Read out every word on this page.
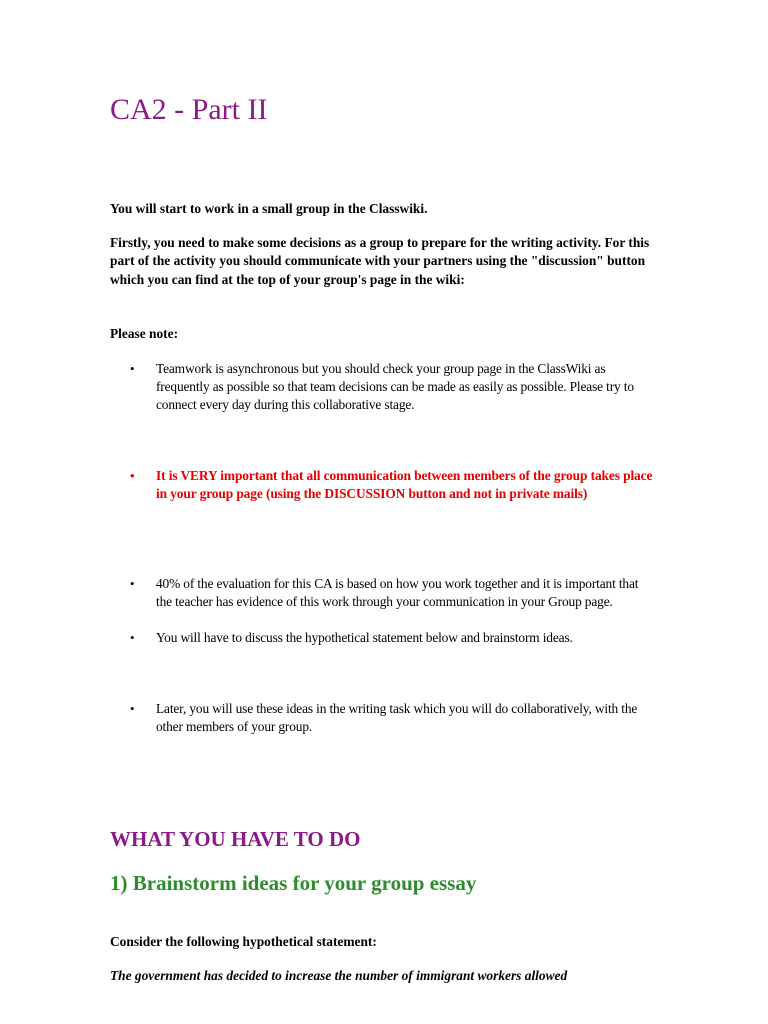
CA2 - Part II

You will start to work in a small group in the Classwiki.

Firstly, you need to make some decisions as a group to prepare for the writing activity. For this part of the activity you should communicate with your partners using the "discussion" button which you can find at the top of your group's page in the wiki:

Please note:

•	Teamwork is asynchronous but you should check your group page in the ClassWiki as frequently as possible so that team decisions can be made as easily as possible. Please try to connect every day during this collaborative stage.
•	It is VERY important that all communication between members of the group takes place in your group page (using the DISCUSSION button and not in private mails)
•	40% of the evaluation for this CA is based on how you work together and it is important that the teacher has evidence of this work through your communication in your Group page.
•	You will have to discuss the hypothetical statement below and brainstorm ideas.
•	Later, you will use these ideas in the writing task which you will do collaboratively, with the other members of your group.
WHAT YOU HAVE TO DO
1) Brainstorm ideas for your group essay

Consider the following hypothetical statement:

The government has decided to increase the number of immigrant workers allowed
